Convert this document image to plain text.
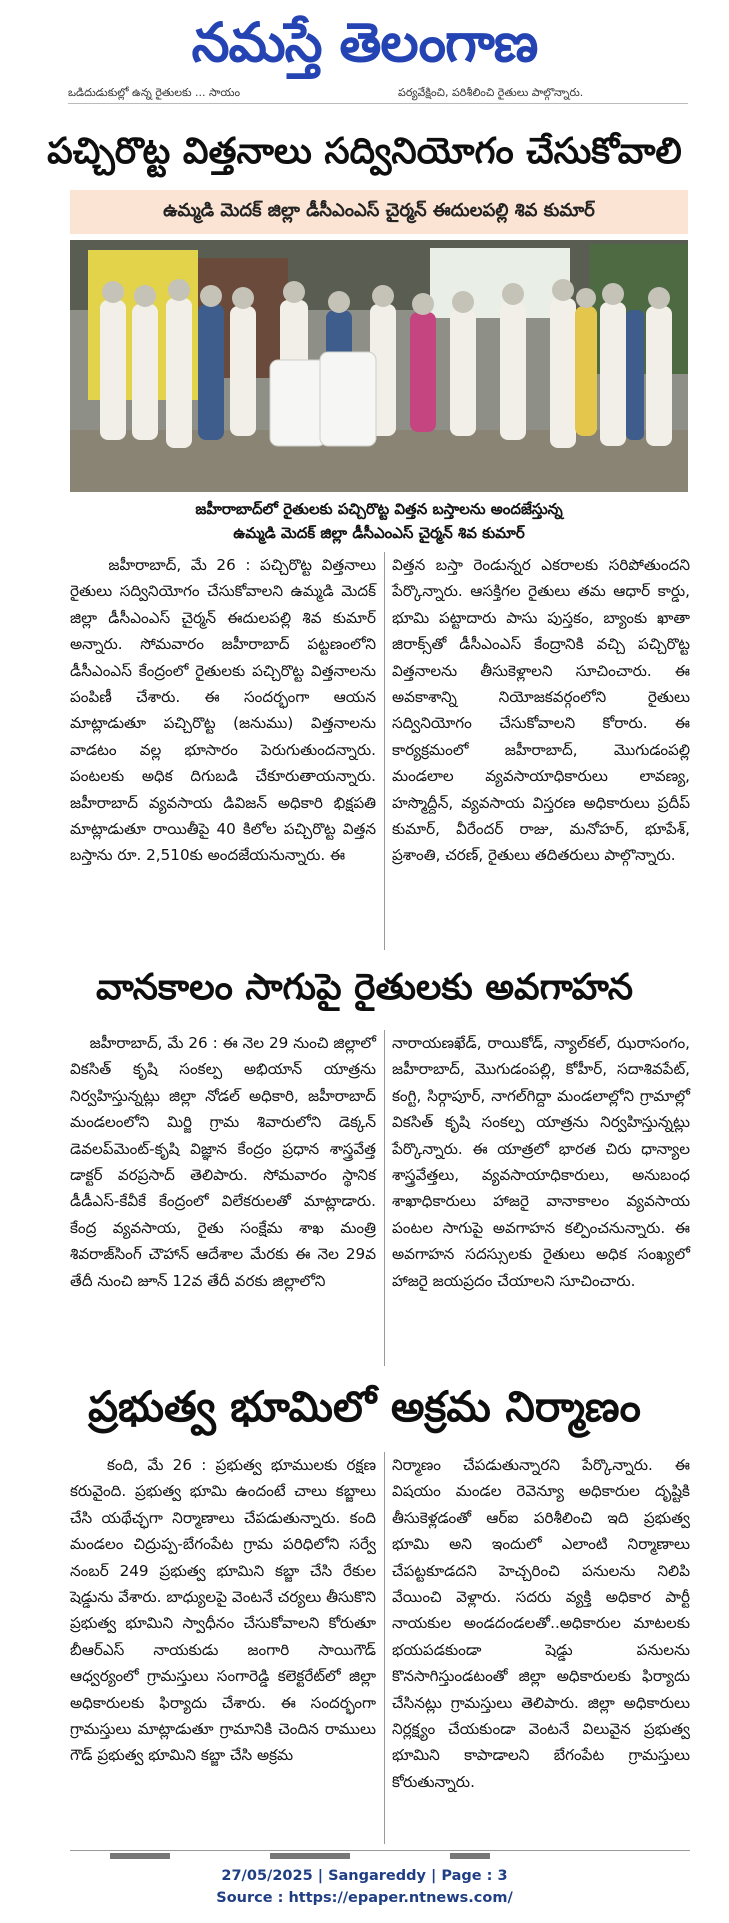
నమస్తే తెలంగాణ
ఒడిదుడుకుల్లో ఉన్న రైతులకు ... సాయం	పర్యవేక్షించి, పరిశీలించి రైతులు పాల్గొన్నారు.
పచ్చిరొట్ట విత్తనాలు సద్వినియోగం చేసుకోవాలి
ఉమ్మడి మెదక్ జిల్లా డీసీఎంఎస్ చైర్మన్ ఈదులపల్లి శివ కుమార్
జహీరాబాద్‌లో రైతులకు పచ్చిరొట్ట విత్తన బస్తాలను అందజేస్తున్న
ఉమ్మడి మెదక్ జిల్లా డీసీఎంఎస్ చైర్మన్ శివ కుమార్

జహీరాబాద్, మే 26 : పచ్చిరొట్ట విత్తనాలు రైతులు సద్వినియోగం చేసుకోవాలని ఉమ్మడి మెదక్ జిల్లా డీసీఎంఎస్ చైర్మన్ ఈదులపల్లి శివ కుమార్ అన్నారు. సోమవారం జహీరాబాద్ పట్టణంలోని డీసీఎంఎస్ కేంద్రంలో రైతులకు పచ్చిరొట్ట విత్తనాలను పంపిణీ చేశారు. ఈ సందర్భంగా ఆయన మాట్లాడుతూ పచ్చిరొట్ట (జనుము) విత్తనాలను వాడటం వల్ల భూసారం పెరుగుతుందన్నారు. పంటలకు అధిక దిగుబడి చేకూరుతాయన్నారు. జహీరాబాద్ వ్యవసాయ డివిజన్ అధికారి భిక్షపతి మాట్లాడుతూ రాయితీపై 40 కిలోల పచ్చిరొట్ట విత్తన బస్తాను రూ. 2,510కు అందజేయనున్నారు. ఈ

విత్తన బస్తా రెండున్నర ఎకరాలకు సరిపోతుందని పేర్కొన్నారు. ఆసక్తిగల రైతులు తమ ఆధార్ కార్డు, భూమి పట్టాదారు పాసు పుస్తకం, బ్యాంకు ఖాతా జిరాక్స్‌తో డీసీఎంఎస్ కేంద్రానికి వచ్చి పచ్చిరొట్ట విత్తనాలను తీసుకెళ్లాలని సూచించారు. ఈ అవకాశాన్ని నియోజకవర్గంలోని రైతులు సద్వినియోగం చేసుకోవాలని కోరారు. ఈ కార్యక్రమంలో జహీరాబాద్, మొగుడంపల్లి మండలాల వ్యవసాయాధికారులు లావణ్య, హస్మొద్దీన్, వ్యవసాయ విస్తరణ అధికారులు ప్రదీప్ కుమార్, వీరేందర్ రాజు, మనోహర్, భూపేశ్, ప్రశాంతి, చరణ్, రైతులు తదితరులు పాల్గొన్నారు.

వానకాలం సాగుపై రైతులకు అవగాహన

జహీరాబాద్, మే 26 : ఈ నెల 29 నుంచి జిల్లాలో వికసిత్ కృషి సంకల్ప అభియాన్ యాత్రను నిర్వహిస్తున్నట్లు జిల్లా నోడల్ అధికారి, జహీరాబాద్ మండలంలోని మిర్జి గ్రామ శివారులోని డెక్కన్ డెవలప్‌మెంట్-కృషి విజ్ఞాన కేంద్రం ప్రధాన శాస్త్రవేత్త డాక్టర్ వరప్రసాద్ తెలిపారు. సోమవారం స్థానిక డీడీఎస్-కేవీకే కేంద్రంలో విలేకరులతో మాట్లాడారు. కేంద్ర వ్యవసాయ, రైతు సంక్షేమ శాఖ మంత్రి శివరాజ్‌సింగ్ చౌహాన్ ఆదేశాల మేరకు ఈ నెల 29వ తేదీ నుంచి జూన్ 12వ తేదీ వరకు జిల్లాలోని

నారాయణఖేడ్, రాయికోడ్, న్యాల్‌కల్, ఝరాసంగం, జహీరాబాద్, మొగుడంపల్లి, కోహీర్, సదాశివపేట్, కంగ్టి, సిర్గాపూర్, నాగల్‌గిద్దా మండలాల్లోని గ్రామాల్లో వికసిత్ కృషి సంకల్ప యాత్రను నిర్వహిస్తున్నట్లు పేర్కొన్నారు. ఈ యాత్రలో భారత చిరు ధాన్యాల శాస్త్రవేత్తలు, వ్యవసాయాధికారులు, అనుబంధ శాఖాధికారులు హాజరై వానాకాలం వ్యవసాయ పంటల సాగుపై అవగాహన కల్పించనున్నారు. ఈ అవగాహన సదస్సులకు రైతులు అధిక సంఖ్యలో హాజరై జయప్రదం చేయాలని సూచించారు.

ప్రభుత్వ భూమిలో అక్రమ నిర్మాణం

కంది, మే 26 : ప్రభుత్వ భూములకు రక్షణ కరువైంది. ప్రభుత్వ భూమి ఉందంటే చాలు కబ్జాలు చేసి యథేచ్ఛగా నిర్మాణాలు చేపడుతున్నారు. కంది మండలం చిద్రుప్ప-బేగంపేట గ్రామ పరిధిలోని సర్వే నంబర్ 249 ప్రభుత్వ భూమిని కబ్జా చేసి రేకుల షెడ్డును వేశారు. బాధ్యులపై వెంటనే చర్యలు తీసుకొని ప్రభుత్వ భూమిని స్వాధీనం చేసుకోవాలని కోరుతూ బీఆర్‌ఎస్ నాయకుడు జంగారి సాయిగౌడ్ ఆధ్వర్యంలో గ్రామస్తులు సంగారెడ్డి కలెక్టరేట్‌లో జిల్లా అధికారులకు ఫిర్యాదు చేశారు. ఈ సందర్భంగా గ్రామస్తులు మాట్లాడుతూ గ్రామానికి చెందిన రాములు గౌడ్ ప్రభుత్వ భూమిని కబ్జా చేసి అక్రమ

నిర్మాణం చేపడుతున్నారని పేర్కొన్నారు. ఈ విషయం మండల రెవెన్యూ అధికారుల దృష్టికి తీసుకెళ్లడంతో ఆర్‌ఐ పరిశీలించి ఇది ప్రభుత్వ భూమి అని ఇందులో ఎలాంటి నిర్మాణాలు చేపట్టకూడదని హెచ్చరించి పనులను నిలిపి వేయించి వెళ్లారు. సదరు వ్యక్తి అధికార పార్టీ నాయకుల అండదండలతో..అధికారుల మాటలకు భయపడకుండా షెడ్డు పనులను కొనసాగిస్తుండటంతో జిల్లా అధికారులకు ఫిర్యాదు చేసినట్లు గ్రామస్తులు తెలిపారు. జిల్లా అధికారులు నిర్లక్ష్యం చేయకుండా వెంటనే విలువైన ప్రభుత్వ భూమిని కాపాడాలని బేగంపేట గ్రామస్తులు కోరుతున్నారు.

27/05/2025 | Sangareddy | Page : 3
Source : https://epaper.ntnews.com/
